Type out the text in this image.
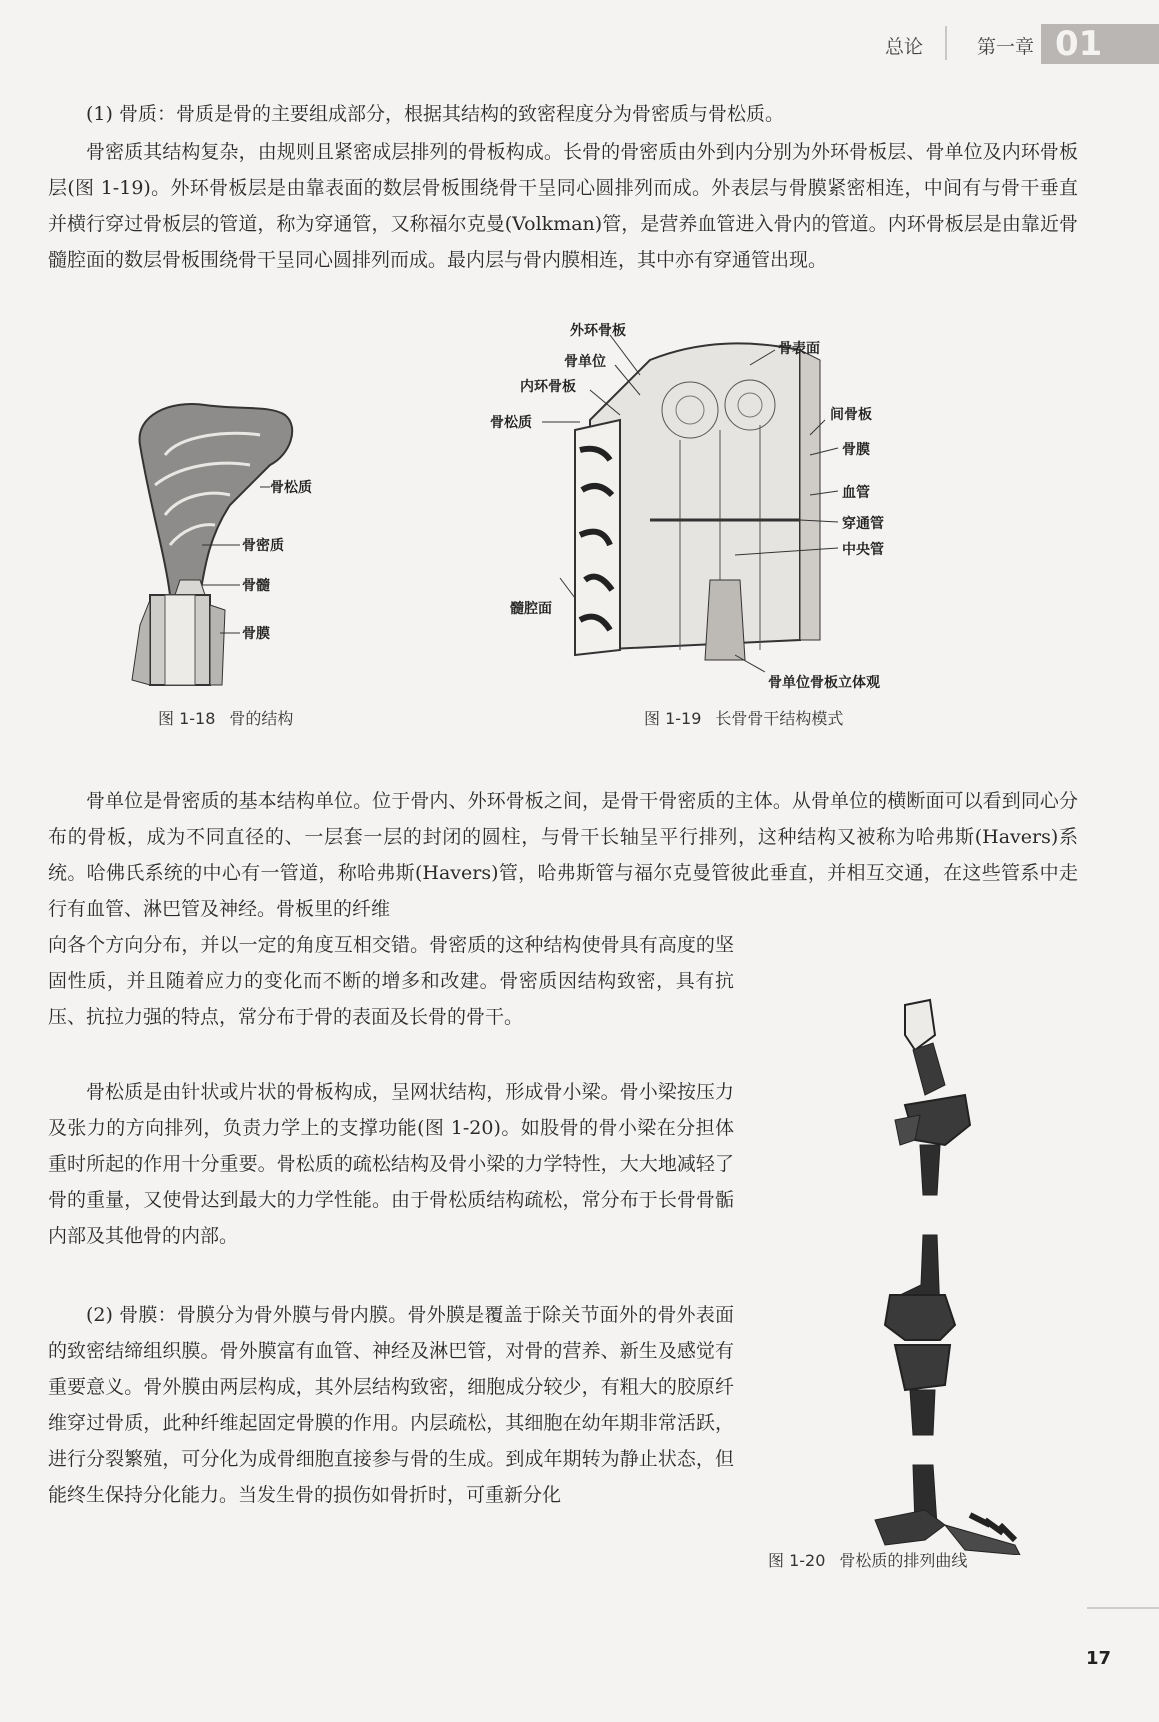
总论	第一章 01

(1) 骨质：骨质是骨的主要组成部分，根据其结构的致密程度分为骨密质与骨松质。

骨密质其结构复杂，由规则且紧密成层排列的骨板构成。长骨的骨密质由外到内分别为外环骨板层、骨单位及内环骨板层(图 1-19)。外环骨板层是由靠表面的数层骨板围绕骨干呈同心圆排列而成。外表层与骨膜紧密相连，中间有与骨干垂直并横行穿过骨板层的管道，称为穿通管，又称福尔克曼(Volkman)管，是营养血管进入骨内的管道。内环骨板层是由靠近骨髓腔面的数层骨板围绕骨干呈同心圆排列而成。最内层与骨内膜相连，其中亦有穿通管出现。

骨松质
骨密质
骨髓
骨膜
图 1-18 骨的结构
外环骨板
骨单位
内环骨板
骨松质
髓腔面
骨表面
间骨板
骨膜
血管
穿通管
中央管
骨单位骨板立体观
图 1-19 长骨骨干结构模式

骨单位是骨密质的基本结构单位。位于骨内、外环骨板之间，是骨干骨密质的主体。从骨单位的横断面可以看到同心分布的骨板，成为不同直径的、一层套一层的封闭的圆柱，与骨干长轴呈平行排列，这种结构又被称为哈弗斯(Havers)系统。哈佛氏系统的中心有一管道，称哈弗斯(Havers)管，哈弗斯管与福尔克曼管彼此垂直，并相互交通，在这些管系中走行有血管、淋巴管及神经。骨板里的纤维

向各个方向分布，并以一定的角度互相交错。骨密质的这种结构使骨具有高度的坚固性质，并且随着应力的变化而不断的增多和改建。骨密质因结构致密，具有抗压、抗拉力强的特点，常分布于骨的表面及长骨的骨干。

骨松质是由针状或片状的骨板构成，呈网状结构，形成骨小梁。骨小梁按压力及张力的方向排列，负责力学上的支撑功能(图 1-20)。如股骨的骨小梁在分担体重时所起的作用十分重要。骨松质的疏松结构及骨小梁的力学特性，大大地减轻了骨的重量，又使骨达到最大的力学性能。由于骨松质结构疏松，常分布于长骨骨骺内部及其他骨的内部。

(2) 骨膜：骨膜分为骨外膜与骨内膜。骨外膜是覆盖于除关节面外的骨外表面的致密结缔组织膜。骨外膜富有血管、神经及淋巴管，对骨的营养、新生及感觉有重要意义。骨外膜由两层构成，其外层结构致密，细胞成分较少，有粗大的胶原纤维穿过骨质，此种纤维起固定骨膜的作用。内层疏松，其细胞在幼年期非常活跃，进行分裂繁殖，可分化为成骨细胞直接参与骨的生成。到成年期转为静止状态，但能终生保持分化能力。当发生骨的损伤如骨折时，可重新分化

图 1-20 骨松质的排列曲线
17
